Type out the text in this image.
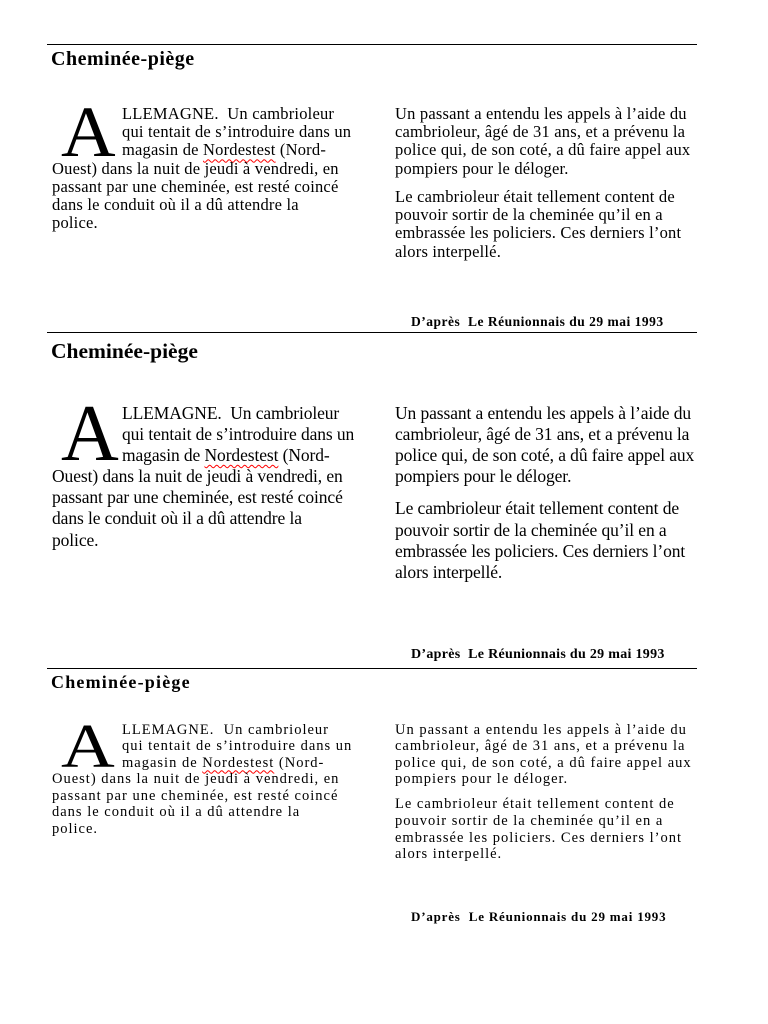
Cheminée-piège
A LLEMAGNE.  Un cambrioleur
qui tentait de s’introduire dans un
magasin de Nordestest (Nord-
Ouest) dans la nuit de jeudi à vendredi, en
passant par une cheminée, est resté coincé
dans le conduit où il a dû attendre la
police.
Un passant a entendu les appels à l’aide du
cambrioleur, âgé de 31 ans, et a prévenu la
police qui, de son coté, a dû faire appel aux
pompiers pour le déloger.
Le cambrioleur était tellement content de
pouvoir sortir de la cheminée qu’il en a
embrassée les policiers. Ces derniers l’ont
alors interpellé.
D’après  Le Réunionnais du 29 mai 1993
Cheminée-piège
A LLEMAGNE.  Un cambrioleur
qui tentait de s’introduire dans un
magasin de Nordestest (Nord-
Ouest) dans la nuit de jeudi à vendredi, en
passant par une cheminée, est resté coincé
dans le conduit où il a dû attendre la
police.
Un passant a entendu les appels à l’aide du
cambrioleur, âgé de 31 ans, et a prévenu la
police qui, de son coté, a dû faire appel aux
pompiers pour le déloger.
Le cambrioleur était tellement content de
pouvoir sortir de la cheminée qu’il en a
embrassée les policiers. Ces derniers l’ont
alors interpellé.
D’après  Le Réunionnais du 29 mai 1993
Cheminée-piège
A LLEMAGNE.  Un cambrioleur
qui tentait de s’introduire dans un
magasin de Nordestest (Nord-
Ouest) dans la nuit de jeudi à vendredi, en
passant par une cheminée, est resté coincé
dans le conduit où il a dû attendre la
police.
Un passant a entendu les appels à l’aide du
cambrioleur, âgé de 31 ans, et a prévenu la
police qui, de son coté, a dû faire appel aux
pompiers pour le déloger.
Le cambrioleur était tellement content de
pouvoir sortir de la cheminée qu’il en a
embrassée les policiers. Ces derniers l’ont
alors interpellé.
D’après  Le Réunionnais du 29 mai 1993
